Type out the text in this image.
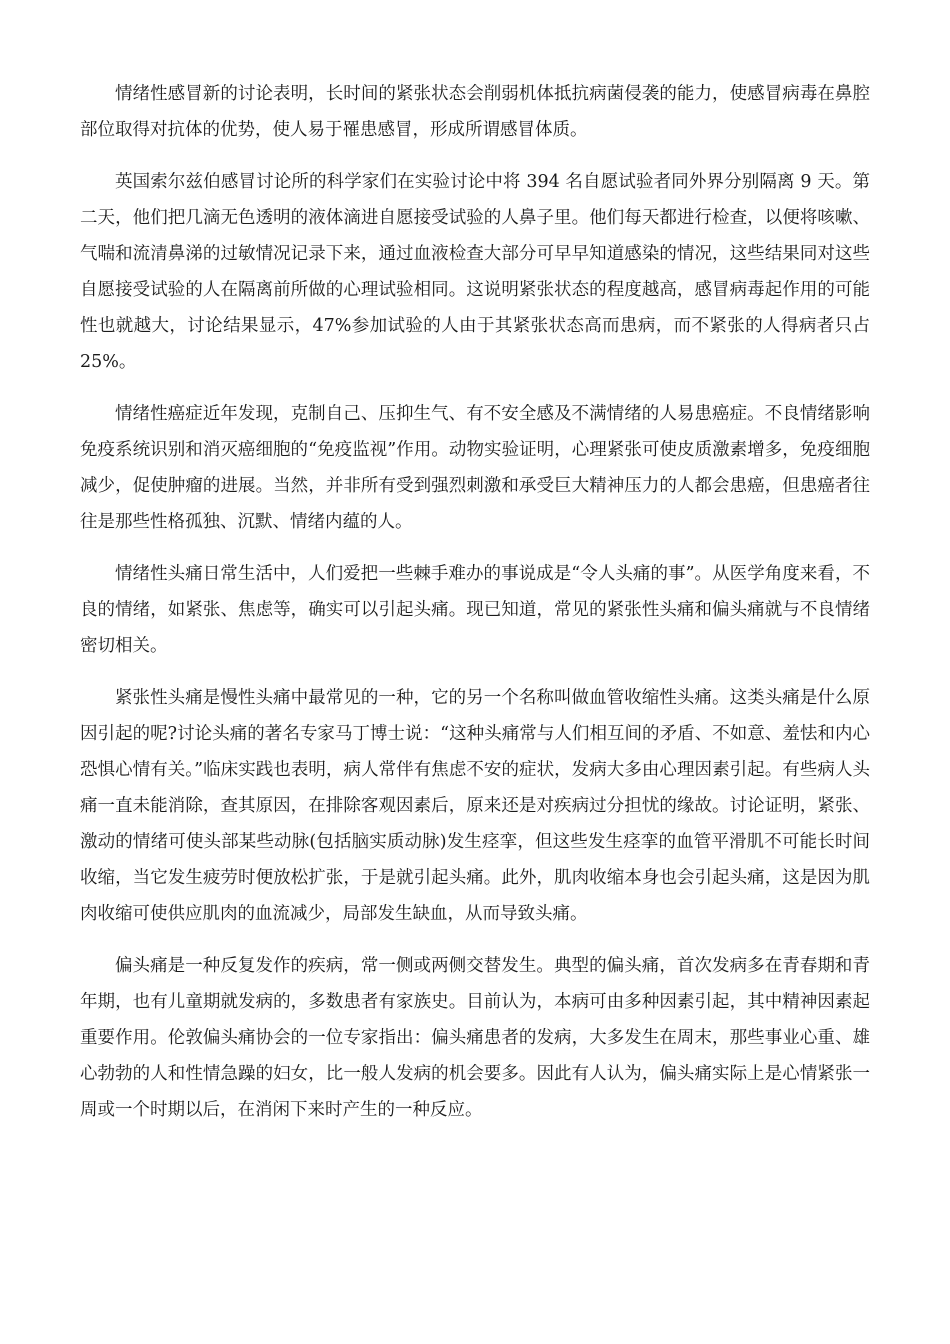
情绪性感冒新的讨论表明，长时间的紧张状态会削弱机体抵抗病菌侵袭的能力，使感冒病毒在鼻腔部位取得对抗体的优势，使人易于罹患感冒，形成所谓感冒体质。

英国索尔兹伯感冒讨论所的科学家们在实验讨论中将 394 名自愿试验者同外界分别隔离 9 天。第二天，他们把几滴无色透明的液体滴进自愿接受试验的人鼻子里。他们每天都进行检查，以便将咳嗽、气喘和流清鼻涕的过敏情况记录下来，通过血液检查大部分可早早知道感染的情况，这些结果同对这些自愿接受试验的人在隔离前所做的心理试验相同。这说明紧张状态的程度越高，感冒病毒起作用的可能性也就越大，讨论结果显示，47%参加试验的人由于其紧张状态高而患病，而不紧张的人得病者只占 25%。

情绪性癌症近年发现，克制自己、压抑生气、有不安全感及不满情绪的人易患癌症。不良情绪影响免疫系统识别和消灭癌细胞的“免疫监视”作用。动物实验证明，心理紧张可使皮质激素增多，免疫细胞减少，促使肿瘤的进展。当然，并非所有受到强烈刺激和承受巨大精神压力的人都会患癌，但患癌者往往是那些性格孤独、沉默、情绪内蕴的人。

情绪性头痛日常生活中，人们爱把一些棘手难办的事说成是“令人头痛的事”。从医学角度来看，不良的情绪，如紧张、焦虑等，确实可以引起头痛。现已知道，常见的紧张性头痛和偏头痛就与不良情绪密切相关。

紧张性头痛是慢性头痛中最常见的一种，它的另一个名称叫做血管收缩性头痛。这类头痛是什么原因引起的呢?讨论头痛的著名专家马丁博士说：“这种头痛常与人们相互间的矛盾、不如意、羞怯和内心恐惧心情有关。”临床实践也表明，病人常伴有焦虑不安的症状，发病大多由心理因素引起。有些病人头痛一直未能消除，查其原因，在排除客观因素后，原来还是对疾病过分担忧的缘故。讨论证明，紧张、激动的情绪可使头部某些动脉(包括脑实质动脉)发生痉挛，但这些发生痉挛的血管平滑肌不可能长时间收缩，当它发生疲劳时便放松扩张，于是就引起头痛。此外，肌肉收缩本身也会引起头痛，这是因为肌肉收缩可使供应肌肉的血流减少，局部发生缺血，从而导致头痛。

偏头痛是一种反复发作的疾病，常一侧或两侧交替发生。典型的偏头痛，首次发病多在青春期和青年期，也有儿童期就发病的，多数患者有家族史。目前认为，本病可由多种因素引起，其中精神因素起重要作用。伦敦偏头痛协会的一位专家指出：偏头痛患者的发病，大多发生在周末，那些事业心重、雄心勃勃的人和性情急躁的妇女，比一般人发病的机会要多。因此有人认为，偏头痛实际上是心情紧张一周或一个时期以后，在消闲下来时产生的一种反应。
